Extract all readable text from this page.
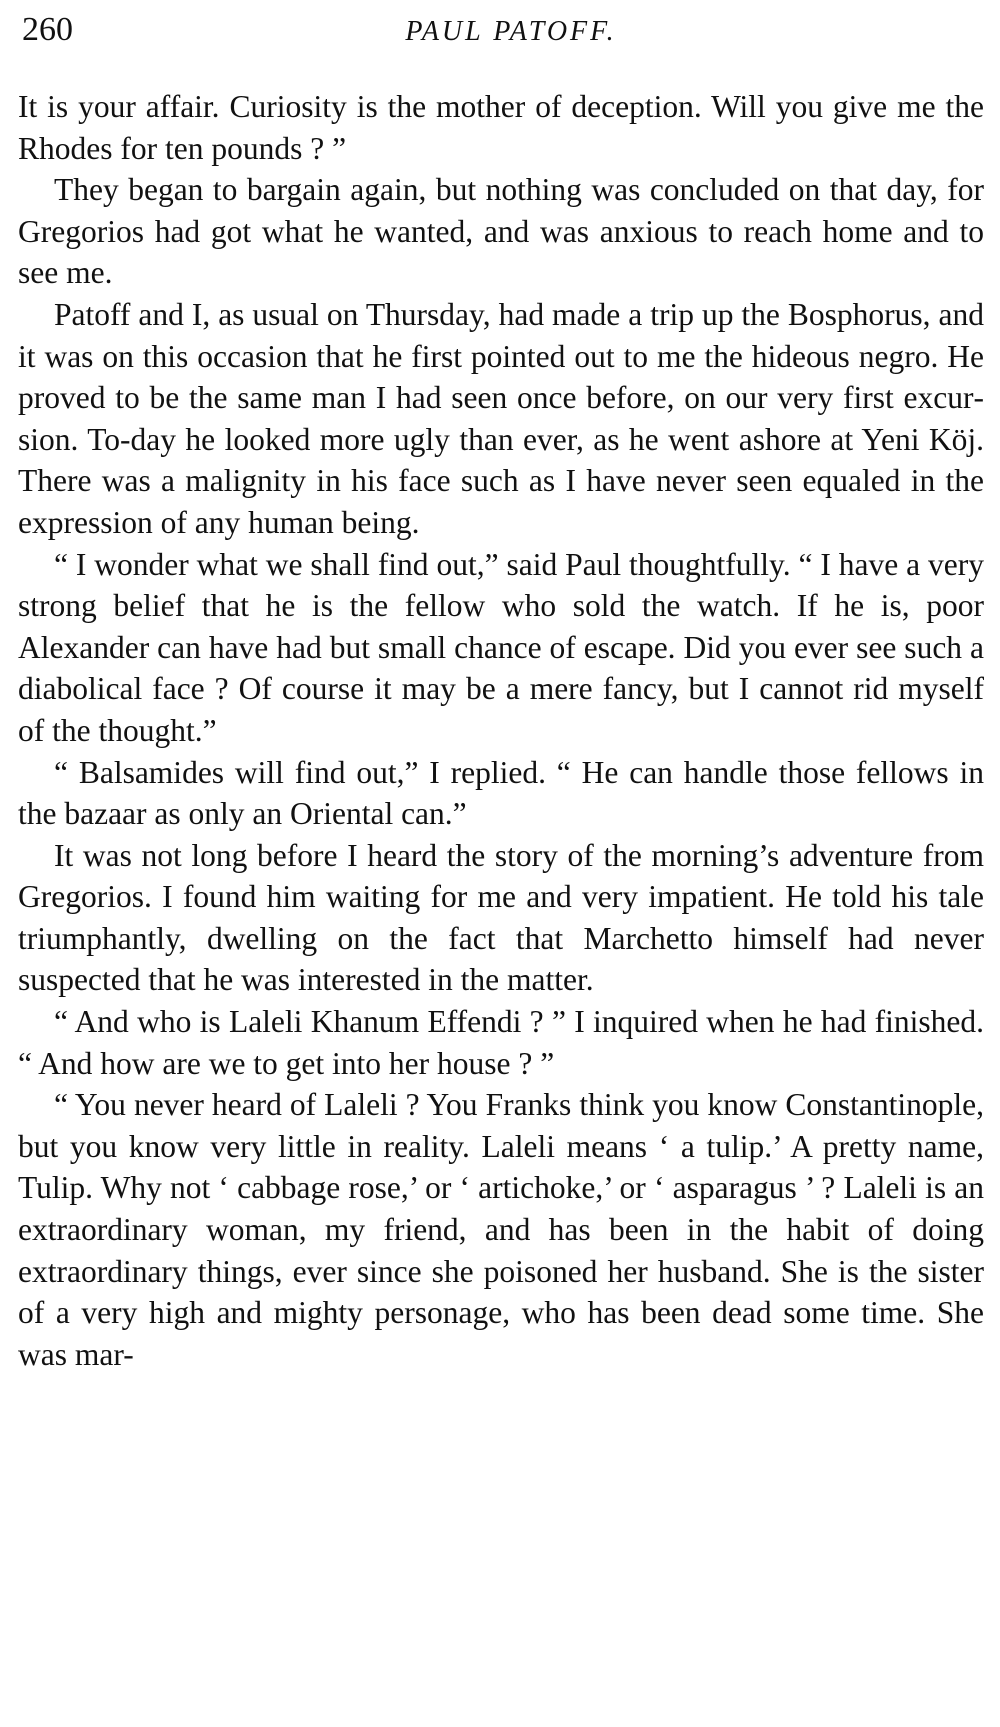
260	PAUL PATOFF.

It is your affair. Curiosity is the mother of deception. Will you give me the Rhodes for ten pounds ? ”

They began to bargain again, but nothing was concluded on that day, for Gregorios had got what he wanted, and was anxious to reach home and to see me.

Patoff and I, as usual on Thursday, had made a trip up the Bosphorus, and it was on this occasion that he first pointed out to me the hideous negro. He proved to be the same man I had seen once before, on our very first excursion. To-day he looked more ugly than ever, as he went ashore at Yeni Köj. There was a malignity in his face such as I have never seen equaled in the expression of any human being.

“ I wonder what we shall find out,” said Paul thoughtfully. “ I have a very strong belief that he is the fellow who sold the watch. If he is, poor Alexander can have had but small chance of escape. Did you ever see such a diabolical face ? Of course it may be a mere fancy, but I cannot rid myself of the thought.”

“ Balsamides will find out,” I replied. “ He can handle those fellows in the bazaar as only an Oriental can.”

It was not long before I heard the story of the morning’s adventure from Gregorios. I found him waiting for me and very impatient. He told his tale triumphantly, dwelling on the fact that Marchetto himself had never suspected that he was interested in the matter.

“ And who is Laleli Khanum Effendi ? ” I inquired when he had finished. “ And how are we to get into her house ? ”

“ You never heard of Laleli ? You Franks think you know Constantinople, but you know very little in reality. Laleli means ‘ a tulip.’ A pretty name, Tulip. Why not ‘ cabbage rose,’ or ‘ artichoke,’ or ‘ asparagus ’ ? Laleli is an extraordinary woman, my friend, and has been in the habit of doing extraordinary things, ever since she poisoned her husband. She is the sister of a very high and mighty personage, who has been dead some time. She was mar-
